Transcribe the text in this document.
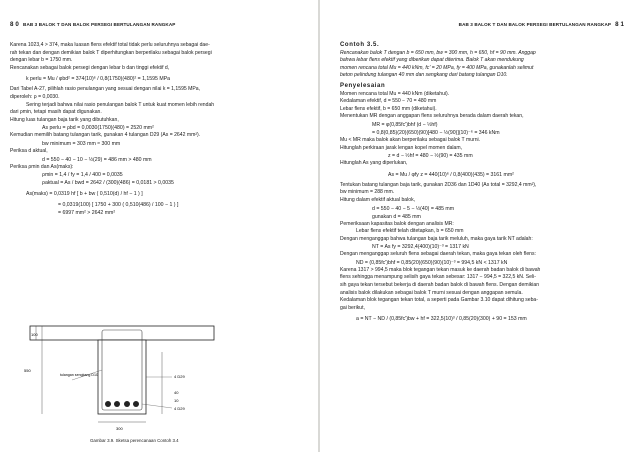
8 0 BAB 3 BALOK T DAN BALOK PERSEGI BERTULANGAN RANGKAP
Karena 1023,4 > 374, maka luasan flens efektif total tidak perlu seluruhnya sebagai dae-
rah tekan dan dengan demikian balok T diperhitungkan berperilaku sebagai balok persegi
dengan lebar b = 1750 mm.
Rencanakan sebagai balok persegi dengan lebar b dan tinggi efektif d,
k perlu = Mu / φbd² = 374(10)⁶ / 0,8(1750)(480)² = 1,1595 MPa
Dari Tabel A-27, pilihlah rasio penulangan yang sesuai dengan nilai k = 1,1595 MPa,
diperoleh: ρ = 0,0030.
Sering terjadi bahwa nilai rasio penulangan balok T untuk kuat momen lebih rendah
dari ρmin, tetapi masih dapat digunakan.
Hitung luas tulangan baja tarik yang dibutuhkan,
As perlu = ρbd = 0,0030(1750)(480) = 2520 mm²
Kemudian memilih batang tulangan tarik, gunakan 4 tulangan D29 (As = 2642 mm²).
bw minimum = 303 mm ≈ 300 mm
Periksa d aktual,
d = 550 − 40 − 10 − ½(29) = 486 mm > 480 mm
Periksa ρmin dan As(maks):
ρmin = 1,4 / fy = 1,4 / 400 = 0,0035
ρaktual = As / bwd = 2642 / (300)(486) = 0,0181 > 0,0035
As(maks) = 0,0319 hf [ b + bw ( 0,510(d) / hf − 1 ) ]
= 0,0319(100) [ 1750 + 300 ( 0,510(486) / 100 − 1 ) ]
= 6997 mm² > 2642 mm²
100
550
tulangan sengkang D10
300
4 D29
40
10
4 D29
Gambar 3.9. Sketsa perencanaan Contoh 3.4
BAB 3 BALOK T DAN BALOK PERSEGI BERTULANGAN RANGKAP 8 1
Contoh 3.5.
Rencanakan balok T dengan b = 650 mm, bw = 300 mm, h = 650, hf = 90 mm. Anggap
bahwa lebar flens efektif yang diberikan dapat diterima. Balok T akan mendukung
momen rencana total Mu = 440 kNm, fc' = 20 MPa, fy = 400 MPa, gunakanlah selimut
beton pelindung tulangan 40 mm dan sengkang dari batang tulangan D10.
Penyelesaian
Momen rencana total Mu = 440 kNm (diketahui).
Kedalaman efektif, d = 550 − 70 = 480 mm
Lebar flens efektif, b = 650 mm (diketahui).
Menentukan MR dengan anggapan flens seluruhnya berada dalam daerah tekan,
MR = φ(0,85fc')bhf (d − ½hf)
= 0,8(0,85)(20)(650)(90)[480 − ½(90)](10)⁻⁶ = 346 kNm
Mu < MR maka balok akan berperilaku sebagai balok T murni.
Hitunglah perkiraan jarak lengan kopel momen dalam,
z = d − ½hf = 480 − ½(90) = 435 mm
Hitunglah As yang diperlukan,
As = Mu / φfy z = 440(10)⁶ / 0,8(400)(435) = 3161 mm²
Tentukan batang tulangan baja tarik, gunakan 2D36 dan 1D40 (As total = 3292,4 mm²),
bw minimum = 288 mm.
Hitung dalam efektif aktual balok,
d = 550 − 40 − 5 − ½(40) = 485 mm
gunakan d = 485 mm
Pemeriksaan kapasitas balok dengan analisis MR:
Lebar flens efektif telah ditetapkan, b = 650 mm
Dengan menganggap bahwa tulangan baja tarik meluluh, maka gaya tarik NT adalah:
NT = As fy = 3292,4(400)(10)⁻³ = 1317 kN
Dengan menganggap seluruh flens sebagai daerah tekan, maka gaya tekan oleh flens:
ND = (0,85fc')bhf = 0,85(20)(650)(90)(10)⁻³ = 994,5 kN < 1317 kN
Karena 1317 > 994,5 maka blok tegangan tekan masuk ke daerah badan balok di bawah
flens sehingga menampung selisih gaya tekan sebesar: 1317 − 994,5 = 322,5 kN. Seli-
sih gaya tekan tersebut bekerja di daerah badan balok di bawah flens. Dengan demikian
analisis balok dilakukan sebagai balok T murni sesuai dengan anggapan semula.
Kedalaman blok tegangan tekan total, a seperti pada Gambar 3.10 dapat dihitung seba-
gai berikut,
a = NT − ND / (0,85fc')bw + hf = 322,5(10)³ / 0,85(20)(300) + 90 = 153 mm
